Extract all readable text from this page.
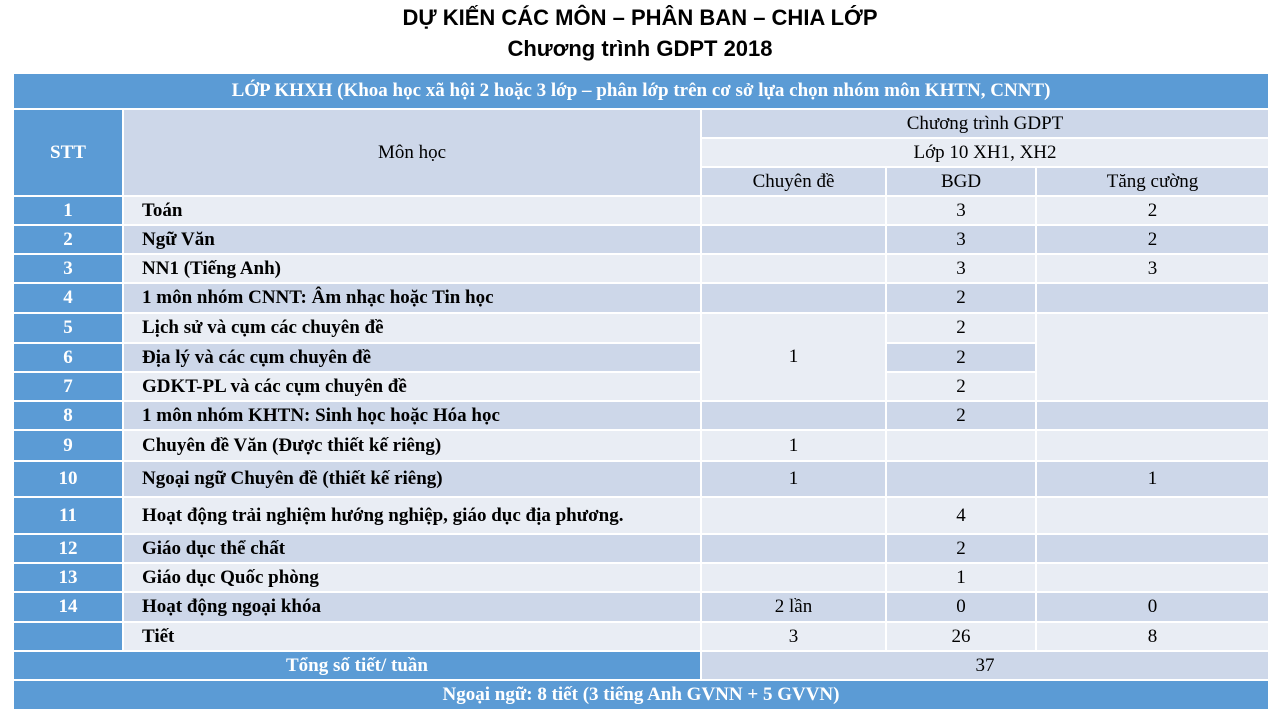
DỰ KIẾN CÁC MÔN – PHÂN BAN – CHIA LỚP
Chương trình GDPT 2018
LỚP KHXH (Khoa học xã hội 2 hoặc 3 lớp – phân lớp trên cơ sở lựa chọn nhóm môn KHTN, CNNT)				
STT	Môn học	Chương trình GDPT		
		Lớp 10 XH1, XH2		
		Chuyên đề	BGD	Tăng cường
1	Toán		3	2
2	Ngữ Văn		3	2
3	NN1 (Tiếng Anh)		3	3
4	1 môn nhóm CNNT: Âm nhạc hoặc Tin học		2	
5	Lịch sử và cụm các chuyên đề	1	2	
6	Địa lý và các cụm chuyên đề		2	
7	GDKT-PL và các cụm chuyên đề		2	
8	1 môn nhóm KHTN: Sinh học hoặc Hóa học		2	
9	Chuyên đề Văn (Được thiết kế riêng)	1		
10	Ngoại ngữ Chuyên đề (thiết kế riêng)	1		1
11	Hoạt động trải nghiệm hướng nghiệp, giáo dục địa phương.		4	
12	Giáo dục thể chất		2	
13	Giáo dục Quốc phòng		1	
14	Hoạt động ngoại khóa	2 lần	0	0
	Tiết	3	26	8
Tổng số tiết/ tuần		37		
Ngoại ngữ: 8 tiết (3 tiếng Anh GVNN + 5 GVVN)				
